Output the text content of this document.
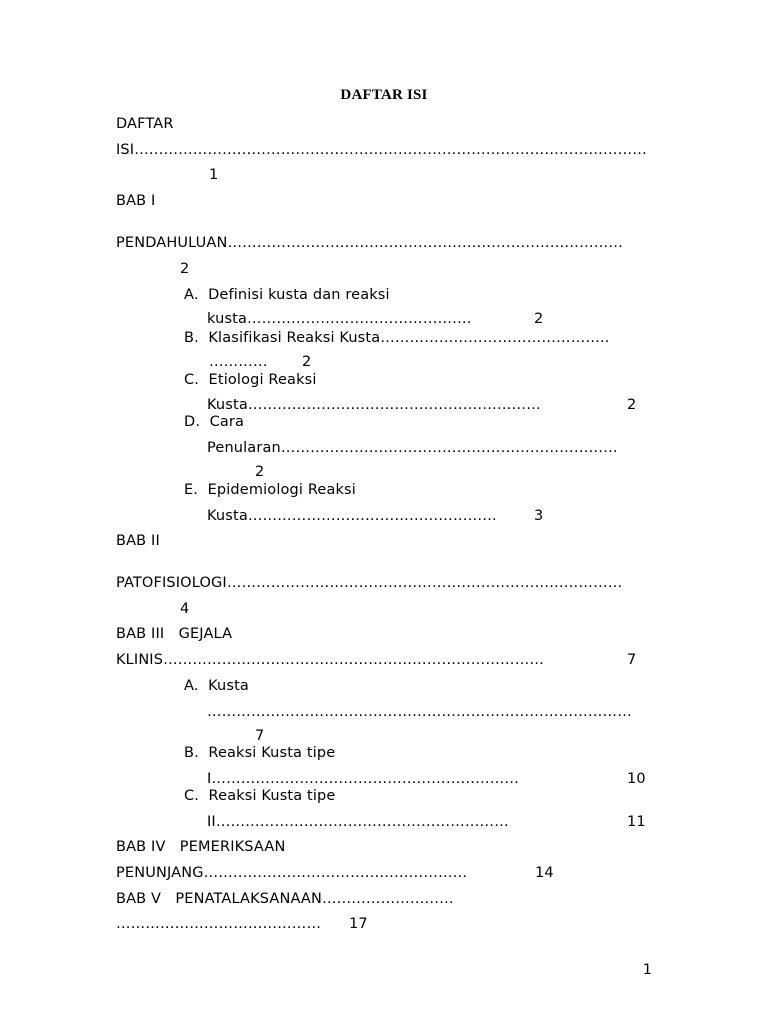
DAFTAR ISI
DAFTAR
ISI……………………………………………………………………………………………
1
BAB I
PENDAHULUAN………………………………………………………………………
2
A.  Definisi kusta dan reaksi
kusta……………………………………….	2
B.  Klasifikasi Reaksi Kusta………………………………………..
………… 2
C.  Etiologi Reaksi
Kusta……………………………………………………	2
D.  Cara
Penularan……………………………………………………………
2
E.  Epidemiologi Reaksi
Kusta……………………………………………	3
BAB II
PATOFISIOLOGI………………………………………………………………………
4
BAB III   GEJALA
KLINIS……………………………………………………………………	7
A.  Kusta
……………………………………………………………………………
7
B.  Reaksi Kusta tipe
I………………………………………………………	10
C.  Reaksi Kusta tipe
II……………………………………………………	11
BAB IV   PEMERIKSAAN
PENUNJANG………………………………………………	14
BAB V   PENATALAKSANAAN………………………
…………………………………… 17
1
